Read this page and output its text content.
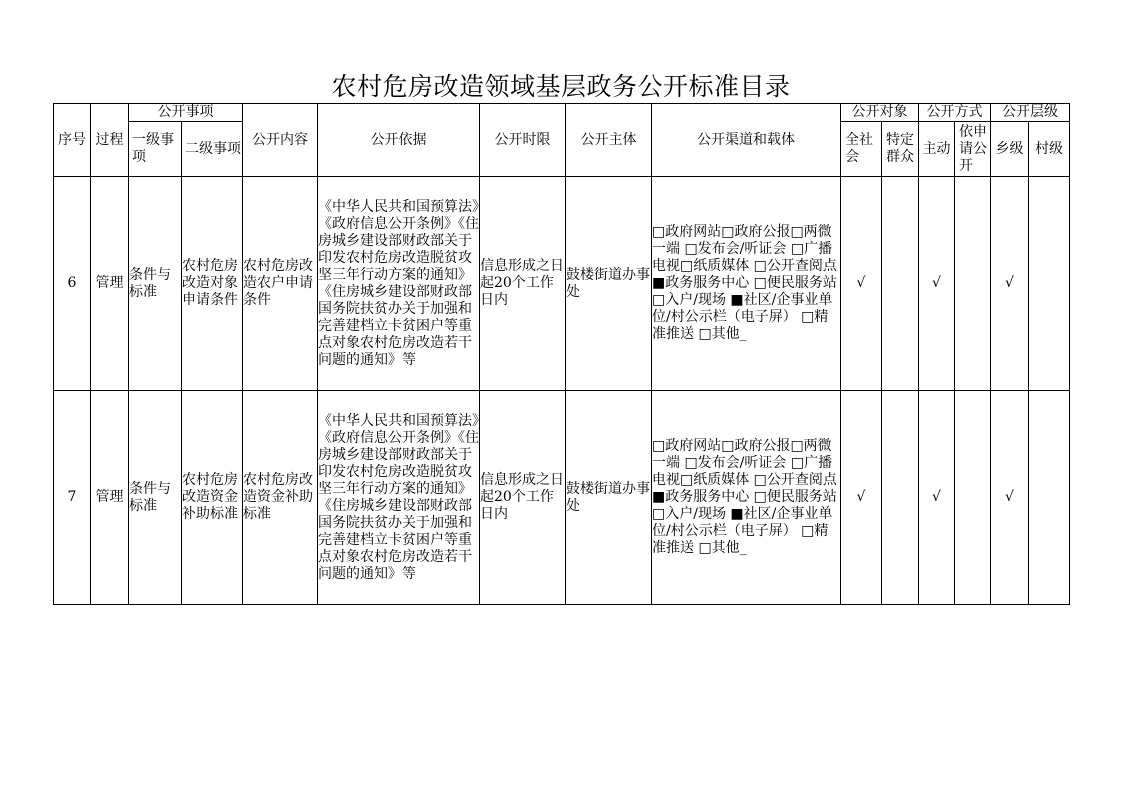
农村危房改造领域基层政务公开标准目录
序号	过程	公开事项		公开内容	公开依据	公开时限	公开主体	公开渠道和载体	公开对象		公开方式		公开层级	
		一级事项	二级事项						全社会	特定群众	主动	依申请公开	乡级	村级
6	管理	条件与标准	农村危房改造对象申请条件	农村危房改造农户申请条件	《中华人民共和国预算法》《政府信息公开条例》《住房城乡建设部财政部关于印发农村危房改造脱贫攻坚三年行动方案的通知》《住房城乡建设部财政部国务院扶贫办关于加强和完善建档立卡贫困户等重点对象农村危房改造若干问题的通知》等	信息形成之日起20个工作日内	鼓楼街道办事处	□政府网站□政府公报□两微一端 □发布会/听证会 □广播电视□纸质媒体 □公开查阅点■政务服务中心 □便民服务站□入户/现场 ■社区/企事业单位/村公示栏（电子屏） □精准推送 □其他_	√		√		√	
7	管理	条件与标准	农村危房改造资金补助标准	农村危房改造资金补助标准	《中华人民共和国预算法》《政府信息公开条例》《住房城乡建设部财政部关于印发农村危房改造脱贫攻坚三年行动方案的通知》《住房城乡建设部财政部国务院扶贫办关于加强和完善建档立卡贫困户等重点对象农村危房改造若干问题的通知》等	信息形成之日起20个工作日内	鼓楼街道办事处	□政府网站□政府公报□两微一端 □发布会/听证会 □广播电视□纸质媒体 □公开查阅点■政务服务中心 □便民服务站□入户/现场 ■社区/企事业单位/村公示栏（电子屏） □精准推送 □其他_	√		√		√	
